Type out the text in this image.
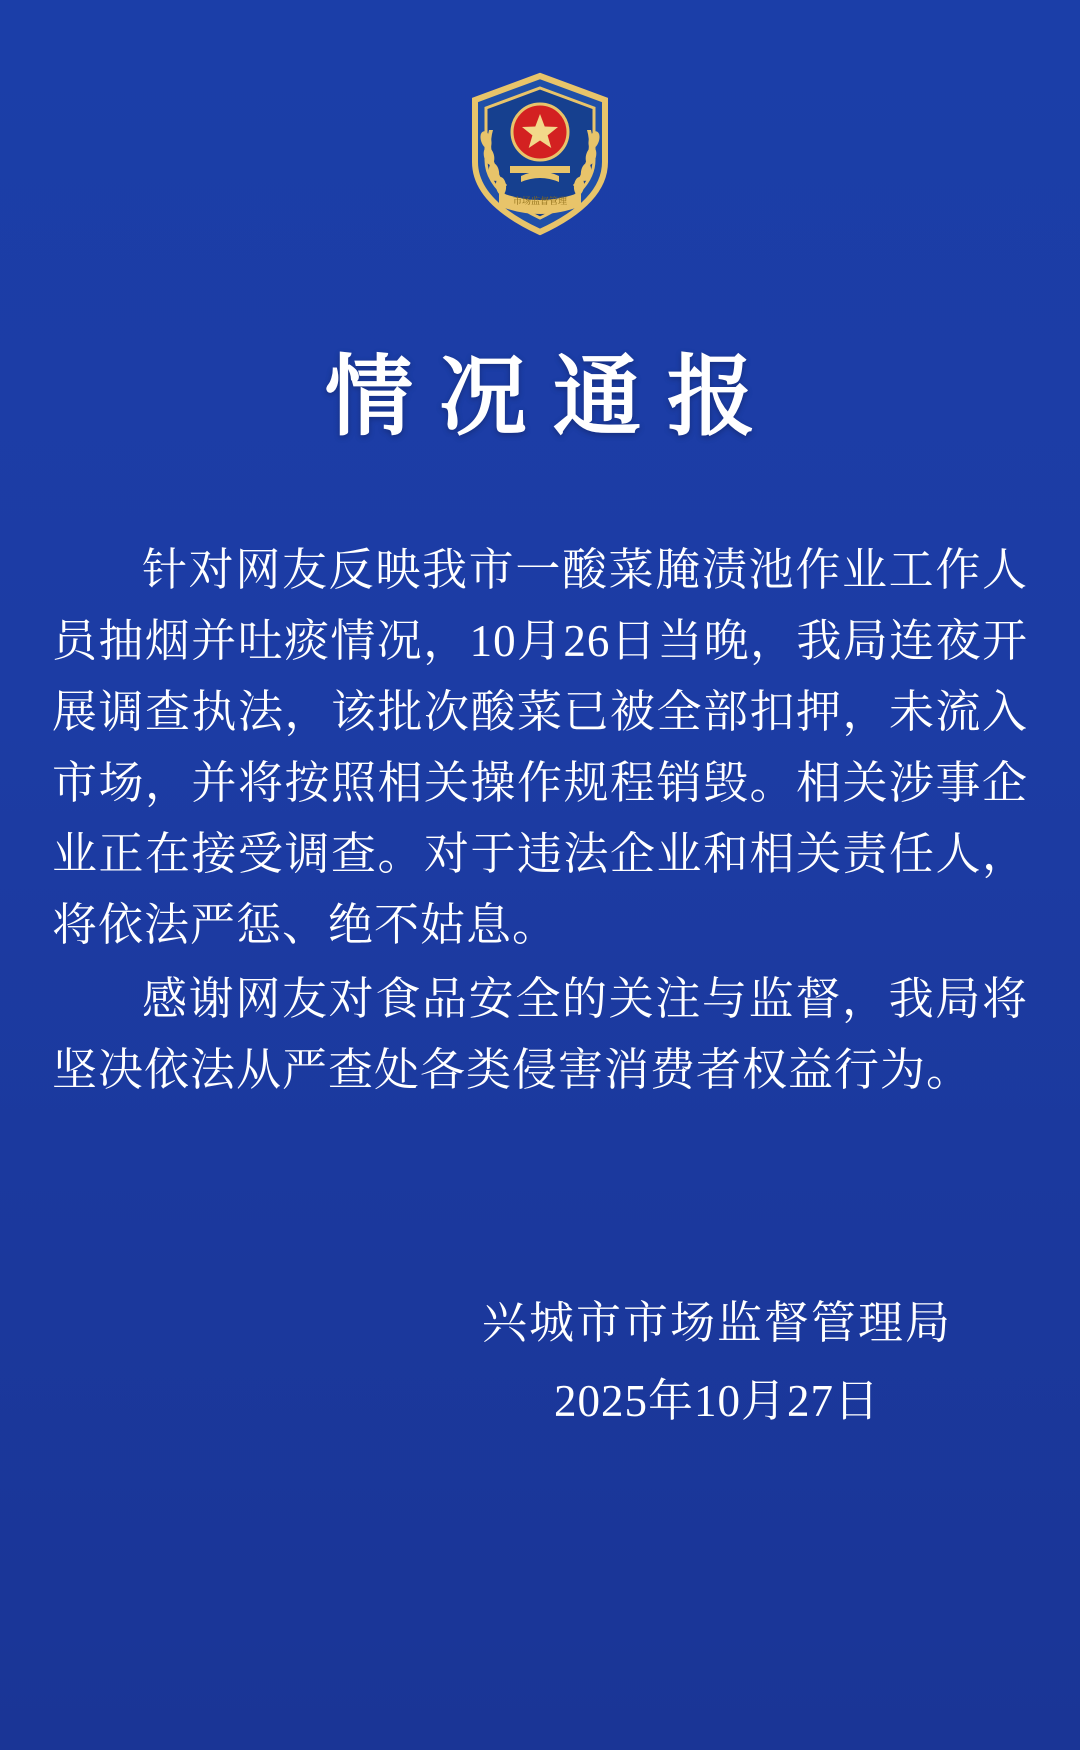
市场监督管理
情况通报

针对网友反映我市一酸菜腌渍池作业工作人员抽烟并吐痰情况，10月26日当晚，我局连夜开展调查执法，该批次酸菜已被全部扣押，未流入市场，并将按照相关操作规程销毁。相关涉事企业正在接受调查。对于违法企业和相关责任人，将依法严惩、绝不姑息。

感谢网友对食品安全的关注与监督，我局将坚决依法从严查处各类侵害消费者权益行为。

兴城市市场监督管理局
2025年10月27日
